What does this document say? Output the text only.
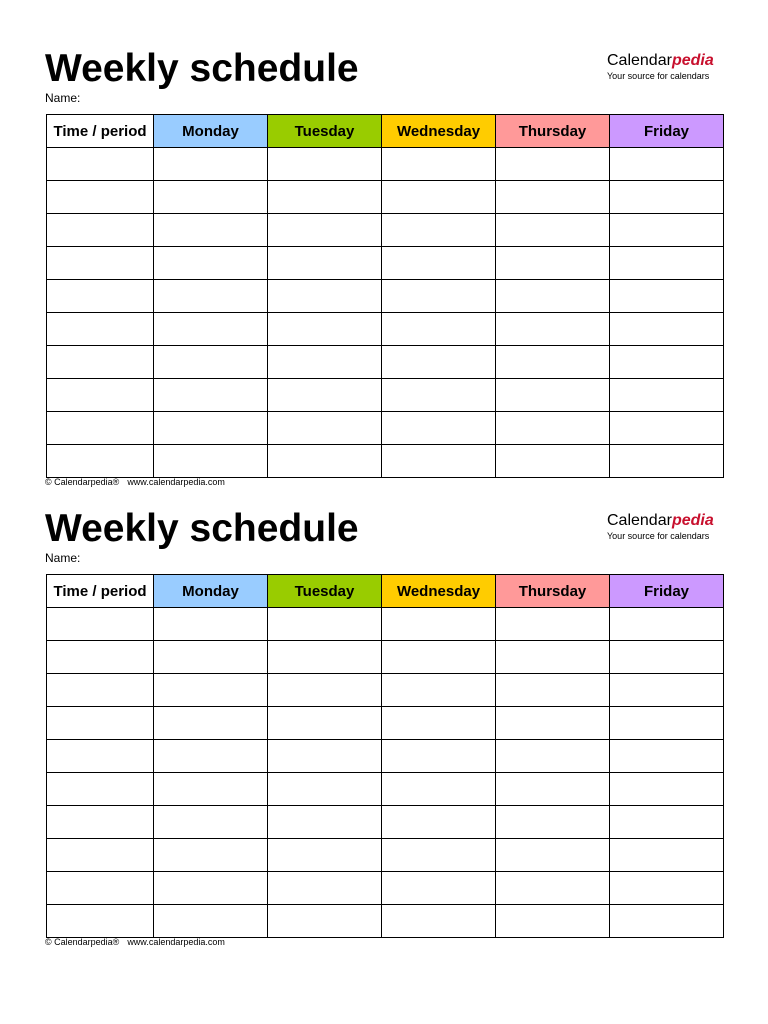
Weekly schedule
Name:
Calendarpedia
Your source for calendars
Time / period	Monday	Tuesday	Wednesday	Thursday	Friday

© Calendarpedia® www.calendarpedia.com
Weekly schedule
Name:
Calendarpedia
Your source for calendars
Time / period	Monday	Tuesday	Wednesday	Thursday	Friday

© Calendarpedia® www.calendarpedia.com
